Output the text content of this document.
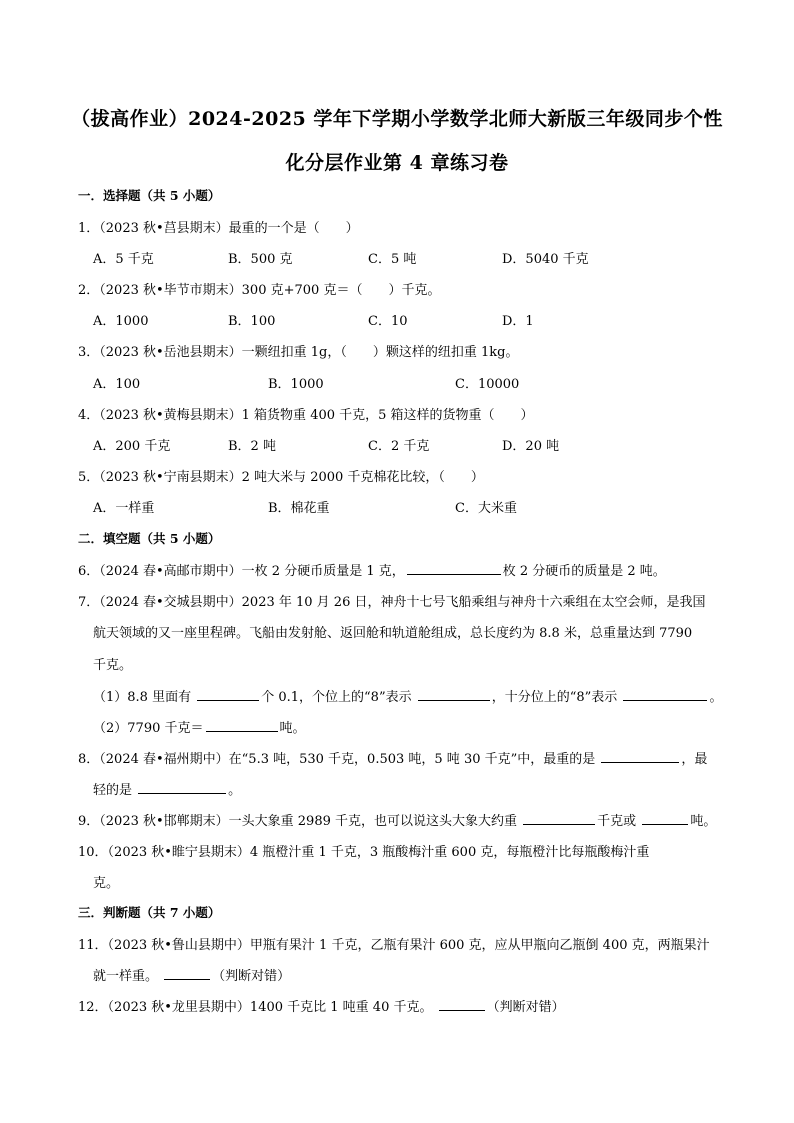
（拔高作业）2024-2025 学年下学期小学数学北师大新版三年级同步个性
化分层作业第 4 章练习卷
一．选择题（共 5 小题）
1．（2023 秋•莒县期末）最重的一个是（　　）
A．5 千克	B．500 克	C．5 吨	D．5040 千克
2．（2023 秋•毕节市期末）300 克+700 克＝（　　）千克。
A．1000	B．100	C．10	D．1
3．（2023 秋•岳池县期末）一颗纽扣重 1g，（　　）颗这样的纽扣重 1kg。
A．100	B．1000	C．10000
4．（2023 秋•黄梅县期末）1 箱货物重 400 千克，5 箱这样的货物重（　　）
A．200 千克	B．2 吨	C．2 千克	D．20 吨
5．（2023 秋•宁南县期末）2 吨大米与 2000 千克棉花比较，（　　）
A．一样重	B．棉花重	C．大米重
二．填空题（共 5 小题）
6．（2024 春•高邮市期中）一枚 2 分硬币质量是 1 克，	枚 2 分硬币的质量是 2 吨。
7．（2024 春•交城县期中）2023 年 10 月 26 日，神舟十七号飞船乘组与神舟十六乘组在太空会师，是我国
航天领域的又一座里程碑。飞船由发射舱、返回舱和轨道舱组成，总长度约为 8.8 米，总重量达到 7790
千克。
（1）8.8 里面有	个 0.1，个位上的“8”表示	，十分位上的“8”表示	。
（2）7790 千克＝	吨。
8．（2024 春•福州期中）在“5.3 吨，530 千克，0.503 吨，5 吨 30 千克”中，最重的是	，最
轻的是	。
9．（2023 秋•邯郸期末）一头大象重 2989 千克，也可以说这头大象大约重	千克或	吨。
10．（2023 秋•睢宁县期末）4 瓶橙汁重 1 千克，3 瓶酸梅汁重 600 克，每瓶橙汁比每瓶酸梅汁重
克。
三．判断题（共 7 小题）
11．（2023 秋•鲁山县期中）甲瓶有果汁 1 千克，乙瓶有果汁 600 克，应从甲瓶向乙瓶倒 400 克，两瓶果汁
就一样重。	（判断对错）
12．（2023 秋•龙里县期中）1400 千克比 1 吨重 40 千克。	（判断对错）
